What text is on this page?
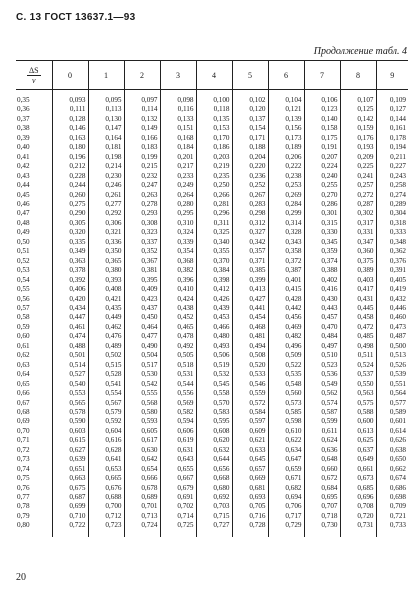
С. 13 ГОСТ 13637.1—93
Продолжение табл. 4
$\frac{\Delta S}{v}$	0	1	2	3	4	5	6	7	8	9
0,35	0,093	0,095	0,097	0,098	0,100	0,102	0,104	0,106	0,107	0,109
0,36	0,111	0,113	0,114	0,116	0,118	0,120	0,121	0,123	0,125	0,127
0,37	0,128	0,130	0,132	0,133	0,135	0,137	0,139	0,140	0,142	0,144
0,38	0,146	0,147	0,149	0,151	0,153	0,154	0,156	0,158	0,159	0,161
0,39	0,163	0,164	0,166	0,168	0,170	0,171	0,173	0,175	0,176	0,178
0,40	0,180	0,181	0,183	0,184	0,186	0,188	0,189	0,191	0,193	0,194
0,41	0,196	0,198	0,199	0,201	0,203	0,204	0,206	0,207	0,209	0,211
0,42	0,212	0,214	0,215	0,217	0,219	0,220	0,222	0,224	0,225	0,227
0,43	0,228	0,230	0,232	0,233	0,235	0,236	0,238	0,240	0,241	0,243
0,44	0,244	0,246	0,247	0,249	0,250	0,252	0,253	0,255	0,257	0,258
0,45	0,260	0,261	0,263	0,264	0,266	0,267	0,269	0,270	0,272	0,274
0,46	0,275	0,277	0,278	0,280	0,281	0,283	0,284	0,286	0,287	0,289
0,47	0,290	0,292	0,293	0,295	0,296	0,298	0,299	0,301	0,302	0,304
0,48	0,305	0,306	0,308	0,310	0,311	0,312	0,314	0,315	0,317	0,318
0,49	0,320	0,321	0,323	0,324	0,325	0,327	0,328	0,330	0,331	0,333
0,50	0,335	0,336	0,337	0,339	0,340	0,342	0,343	0,345	0,347	0,348
0,51	0,349	0,350	0,352	0,354	0,355	0,357	0,358	0,359	0,360	0,362
0,52	0,363	0,365	0,367	0,368	0,370	0,371	0,372	0,374	0,375	0,376
0,53	0,378	0,380	0,381	0,382	0,384	0,385	0,387	0,388	0,389	0,391
0,54	0,392	0,393	0,395	0,396	0,398	0,399	0,401	0,402	0,403	0,405
0,55	0,406	0,408	0,409	0,410	0,412	0,413	0,415	0,416	0,417	0,419
0,56	0,420	0,421	0,423	0,424	0,426	0,427	0,428	0,430	0,431	0,432
0,57	0,434	0,435	0,437	0,438	0,439	0,441	0,442	0,443	0,445	0,446
0,58	0,447	0,449	0,450	0,452	0,453	0,454	0,456	0,457	0,458	0,460
0,59	0,461	0,462	0,464	0,465	0,466	0,468	0,469	0,470	0,472	0,473
0,60	0,474	0,476	0,477	0,478	0,480	0,481	0,482	0,484	0,485	0,487
0,61	0,488	0,489	0,490	0,492	0,493	0,494	0,496	0,497	0,498	0,500
0,62	0,501	0,502	0,504	0,505	0,506	0,508	0,509	0,510	0,511	0,513
0,63	0,514	0,515	0,517	0,518	0,519	0,520	0,522	0,523	0,524	0,526
0,64	0,527	0,528	0,530	0,531	0,532	0,533	0,535	0,536	0,537	0,539
0,65	0,540	0,541	0,542	0,544	0,545	0,546	0,548	0,549	0,550	0,551
0,66	0,553	0,554	0,555	0,556	0,558	0,559	0,560	0,562	0,563	0,564
0,67	0,565	0,567	0,568	0,569	0,570	0,572	0,573	0,574	0,575	0,577
0,68	0,578	0,579	0,580	0,582	0,583	0,584	0,585	0,587	0,588	0,589
0,69	0,590	0,592	0,593	0,594	0,595	0,597	0,598	0,599	0,600	0,601
0,70	0,603	0,604	0,605	0,606	0,608	0,609	0,610	0,611	0,613	0,614
0,71	0,615	0,616	0,617	0,619	0,620	0,621	0,622	0,624	0,625	0,626
0,72	0,627	0,628	0,630	0,631	0,632	0,633	0,634	0,636	0,637	0,638
0,73	0,639	0,641	0,642	0,643	0,644	0,645	0,647	0,648	0,649	0,650
0,74	0,651	0,653	0,654	0,655	0,656	0,657	0,659	0,660	0,661	0,662
0,75	0,663	0,665	0,666	0,667	0,668	0,669	0,671	0,672	0,673	0,674
0,76	0,675	0,676	0,678	0,679	0,680	0,681	0,682	0,684	0,685	0,686
0,77	0,687	0,688	0,689	0,691	0,692	0,693	0,694	0,695	0,696	0,698
0,78	0,699	0,700	0,701	0,702	0,703	0,705	0,706	0,707	0,708	0,709
0,79	0,710	0,712	0,713	0,714	0,715	0,716	0,717	0,718	0,720	0,721
0,80	0,722	0,723	0,724	0,725	0,727	0,728	0,729	0,730	0,731	0,733
20
